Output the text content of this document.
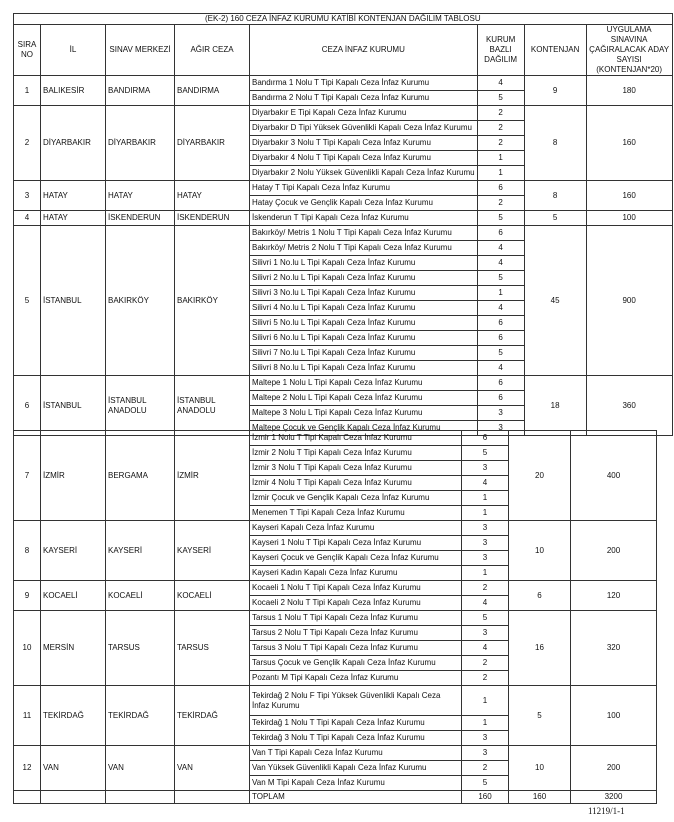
(EK-2) 160 CEZA İNFAZ KURUMU KATİBİ KONTENJAN DAĞILIM TABLOSU							
SIRA NO	İL	SINAV MERKEZİ	AĞIR CEZA	CEZA İNFAZ KURUMU	KURUM BAZLI DAĞILIM	KONTENJAN	UYGULAMA SINAVINA ÇAĞIRALACAK ADAY SAYISI (KONTENJAN*20)
1	BALIKESİR	BANDIRMA	BANDIRMA	Bandırma 1 Nolu T Tipi Kapalı Ceza İnfaz Kurumu	4	9	180
				Bandırma 2 Nolu T Tipi Kapalı Ceza İnfaz Kurumu	5		
2	DİYARBAKIR	DİYARBAKIR	DİYARBAKIR	Diyarbakır E Tipi Kapalı Ceza İnfaz Kurumu	2	8	160
				Diyarbakır D Tipi Yüksek Güvenlikli Kapalı Ceza İnfaz Kurumu	2		
				Diyarbakır 3 Nolu T Tipi Kapalı Ceza İnfaz Kurumu	2		
				Diyarbakır 4 Nolu T Tipi Kapalı Ceza İnfaz Kurumu	1		
				Diyarbakır 2 Nolu Yüksek Güvenlikli Kapalı Ceza İnfaz Kurumu	1		
3	HATAY	HATAY	HATAY	Hatay T Tipi Kapalı Ceza İnfaz Kurumu	6	8	160
				Hatay Çocuk ve Gençlik Kapalı Ceza İnfaz Kurumu	2		
4	HATAY	İSKENDERUN	İSKENDERUN	İskenderun T Tipi Kapalı Ceza İnfaz Kurumu	5	5	100
5	İSTANBUL	BAKIRKÖY	BAKIRKÖY	Bakırköy/ Metris 1 Nolu T Tipi Kapalı Ceza İnfaz Kurumu	6	45	900
				Bakırköy/ Metris 2 Nolu T Tipi Kapalı Ceza İnfaz Kurumu	4		
				Silivri 1 No.lu L Tipi Kapalı Ceza İnfaz Kurumu	4		
				Silivri 2 No.lu L Tipi Kapalı Ceza İnfaz Kurumu	5		
				Silivri 3 No.lu L Tipi Kapalı Ceza İnfaz Kurumu	1		
				Silivri 4 No.lu L Tipi Kapalı Ceza İnfaz Kurumu	4		
				Silivri 5 No.lu L Tipi Kapalı Ceza İnfaz Kurumu	6		
				Silivri 6 No.lu L Tipi Kapalı Ceza İnfaz Kurumu	6		
				Silivri 7 No.lu L Tipi Kapalı Ceza İnfaz Kurumu	5		
				Silivri 8 No.lu L Tipi Kapalı Ceza İnfaz Kurumu	4		
6	İSTANBUL	İSTANBUL ANADOLU	İSTANBUL ANADOLU	Maltepe 1 Nolu L Tipi Kapalı Ceza İnfaz Kurumu	6	18	360
				Maltepe 2 Nolu L Tipi Kapalı Ceza İnfaz Kurumu	6		
				Maltepe 3 Nolu L Tipi Kapalı Ceza İnfaz Kurumu	3		
				Maltepe Çocuk ve Gençlik Kapalı Ceza İnfaz Kurumu	3		
7	İZMİR	BERGAMA	İZMİR	İzmir 1 Nolu T Tipi Kapalı Ceza İnfaz Kurumu	6	20	400
				İzmir 2 Nolu T Tipi Kapalı Ceza İnfaz Kurumu	5		
				İzmir 3 Nolu T Tipi Kapalı Ceza İnfaz Kurumu	3		
				İzmir 4 Nolu T Tipi Kapalı Ceza İnfaz Kurumu	4		
				İzmir Çocuk ve Gençlik Kapalı Ceza İnfaz Kurumu	1		
				Menemen T Tipi Kapalı Ceza İnfaz Kurumu	1		
8	KAYSERİ	KAYSERİ	KAYSERİ	Kayseri Kapalı Ceza İnfaz Kurumu	3	10	200
				Kayseri 1 Nolu T Tipi Kapalı Ceza İnfaz Kurumu	3		
				Kayseri Çocuk ve Gençlik Kapalı Ceza İnfaz Kurumu	3		
				Kayseri Kadın Kapalı Ceza İnfaz Kurumu	1		
9	KOCAELİ	KOCAELİ	KOCAELİ	Kocaeli 1 Nolu T Tipi Kapalı Ceza İnfaz Kurumu	2	6	120
				Kocaeli 2 Nolu T Tipi Kapalı Ceza İnfaz Kurumu	4		
10	MERSİN	TARSUS	TARSUS	Tarsus 1 Nolu T Tipi Kapalı Ceza İnfaz Kurumu	5	16	320
				Tarsus 2 Nolu T Tipi Kapalı Ceza İnfaz Kurumu	3		
				Tarsus 3 Nolu T Tipi Kapalı Ceza İnfaz Kurumu	4		
				Tarsus Çocuk ve Gençlik Kapalı Ceza İnfaz Kurumu	2		
				Pozantı M Tipi Kapalı Ceza İnfaz Kurumu	2		
11	TEKİRDAĞ	TEKİRDAĞ	TEKİRDAĞ	Tekirdağ 2 Nolu F Tipi Yüksek Güvenlikli Kapalı Ceza İnfaz Kurumu	1	5	100
				Tekirdağ 1 Nolu T Tipi Kapalı Ceza İnfaz Kurumu	1		
				Tekirdağ 3 Nolu T Tipi Kapalı Ceza İnfaz Kurumu	3		
12	VAN	VAN	VAN	Van T Tipi Kapalı Ceza İnfaz Kurumu	3	10	200
				Van Yüksek Güvenlikli Kapalı Ceza İnfaz Kurumu	2		
				Van M Tipi Kapalı Ceza İnfaz Kurumu	5		
				TOPLAM	160	160	3200
11219/1-1
